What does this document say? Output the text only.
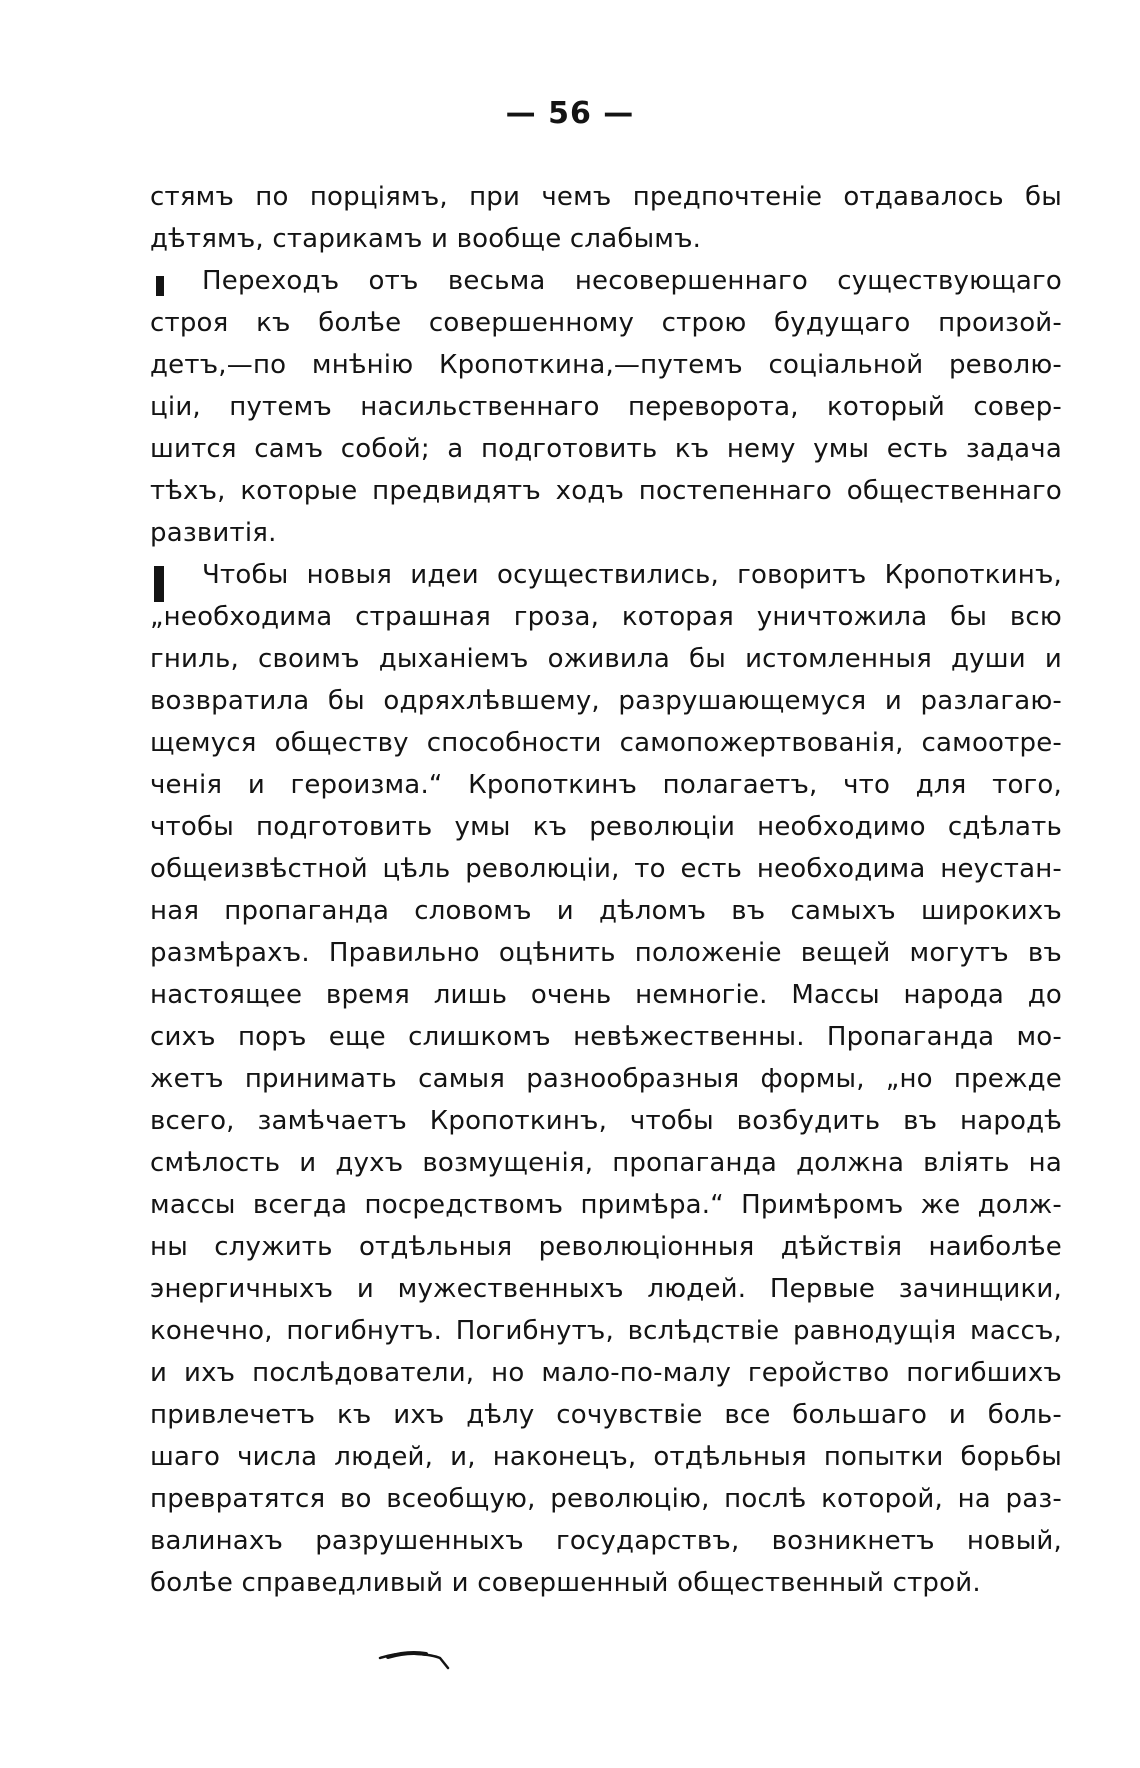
— 56 —
стямъ по порціямъ, при чемъ предпочтеніе отдавалось бы
дѣтямъ, старикамъ и вообще слабымъ.
Переходъ отъ весьма несовершеннаго существующаго
строя къ болѣе совершенному строю будущаго произой-
детъ,—по мнѣнію Кропоткина,—путемъ соціальной револю-
ціи, путемъ насильственнаго переворота, который совер-
шится самъ собой; а подготовить къ нему умы есть задача
тѣхъ, которые предвидятъ ходъ постепеннаго общественнаго
развитія.
Чтобы новыя идеи осуществились, говоритъ Кропоткинъ,
„необходима страшная гроза, которая уничтожила бы всю
гниль, своимъ дыханіемъ оживила бы истомленныя души и
возвратила бы одряхлѣвшему, разрушающемуся и разлагаю-
щемуся обществу способности самопожертвованія, самоотре-
ченія и героизма.“ Кропоткинъ полагаетъ, что для того,
чтобы подготовить умы къ революціи необходимо сдѣлать
общеизвѣстной цѣль революціи, то есть необходима неустан-
ная пропаганда словомъ и дѣломъ въ самыхъ широкихъ
размѣрахъ. Правильно оцѣнить положеніе вещей могутъ въ
настоящее время лишь очень немногіе. Массы народа до
сихъ поръ еще слишкомъ невѣжественны. Пропаганда мо-
жетъ принимать самыя разнообразныя формы, „но прежде
всего, замѣчаетъ Кропоткинъ, чтобы возбудить въ народѣ
смѣлость и духъ возмущенія, пропаганда должна вліять на
массы всегда посредствомъ примѣра.“ Примѣромъ же долж-
ны служить отдѣльныя революціонныя дѣйствія наиболѣе
энергичныхъ и мужественныхъ людей. Первые зачинщики,
конечно, погибнутъ. Погибнутъ, вслѣдствіе равнодущія массъ,
и ихъ послѣдователи, но мало-по-малу геройство погибшихъ
привлечетъ къ ихъ дѣлу сочувствіе все большаго и боль-
шаго числа людей, и, наконецъ, отдѣльныя попытки борьбы
превратятся во всеобщую, революцію, послѣ которой, на раз-
валинахъ разрушенныхъ государствъ, возникнетъ новый,
болѣе справедливый и совершенный общественный строй.
